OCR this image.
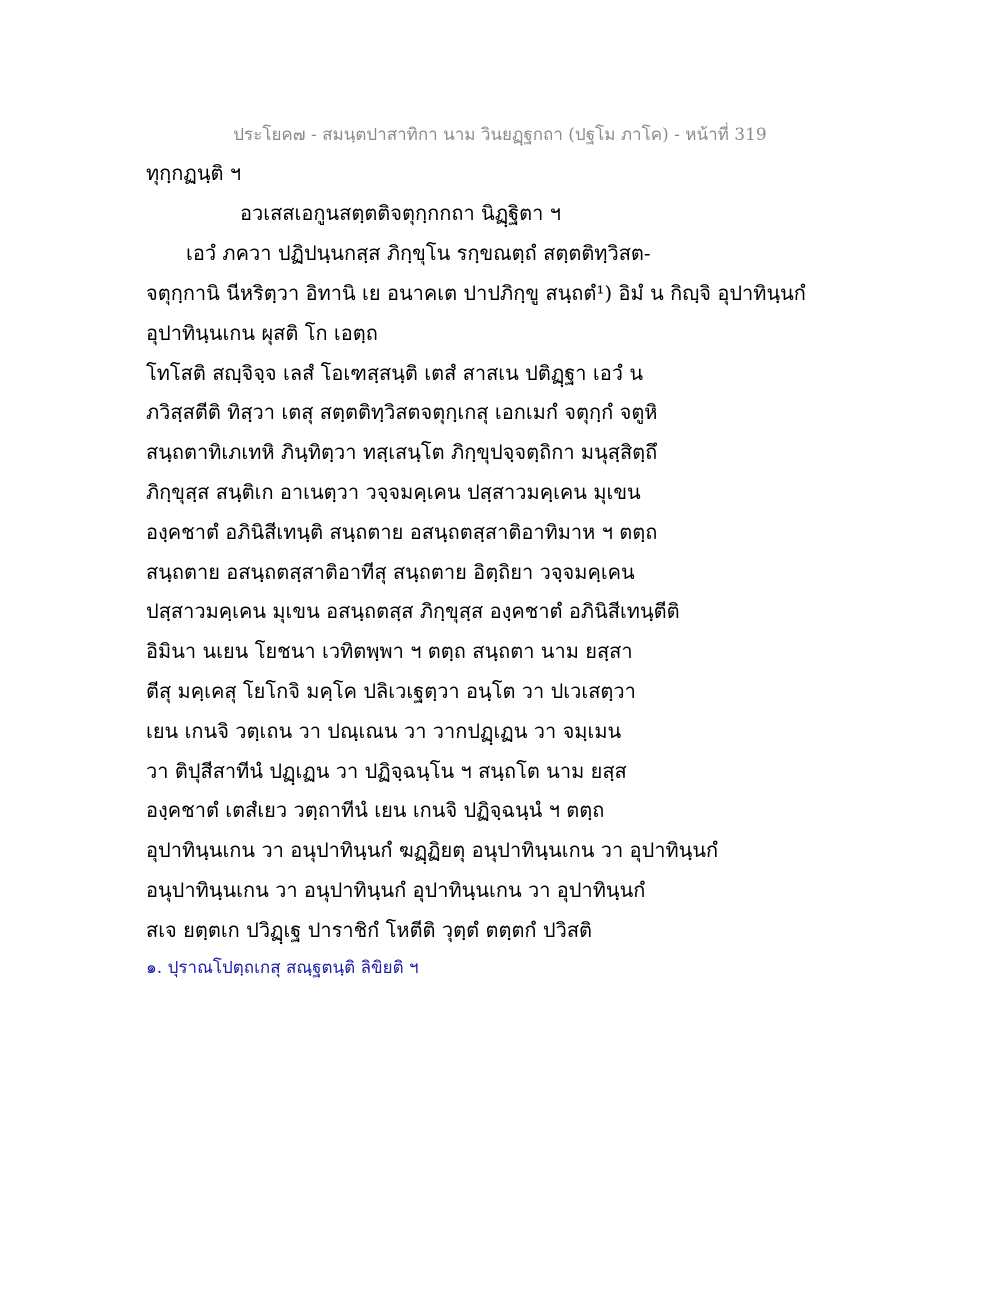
ประโยค๗ - สมนฺตปาสาทิกา นาม วินยฏฺฐกถา (ปฐโม ภาโค) - หน้าที่ 319
ทุกฺกฏนฺติ ฯ
อวเสสเอกูนสตฺตติจตุกฺกกถา นิฏฺฐิตา ฯ
เอวํ ภควา ปฏิปนฺนกสฺส ภิกฺขุโน รกฺขณตฺถํ สตฺตติทฺวิสต-
จตุกฺกานิ นีหริตฺวา อิทานิ เย อนาคเต ปาปภิกฺขู สนฺถตํ¹) อิมํ น กิญฺจิ อุปาทินฺนกํ
อุปาทินฺนเกน ผุสติ โก เอตฺถ
โทโสติ สญฺจิจฺจ เลสํ โอเฑสฺสนฺติ เตสํ สาสเน ปติฏฺฐา เอวํ น
ภวิสฺสตีติ ทิสฺวา เตสุ สตฺตติทฺวิสตจตุกฺเกสุ เอกเมกํ จตุกฺกํ จตูหิ
สนฺถตาทิเภเทหิ ภินฺทิตฺวา ทสฺเสนฺโต ภิกฺขุปจฺจตฺถิกา มนุสฺสิตฺถึ
ภิกฺขุสฺส สนฺติเก อาเนตฺวา วจฺจมคฺเคน ปสฺสาวมคฺเคน มุเขน
องฺคชาตํ อภินิสีเทนฺติ สนฺถตาย อสนฺถตสฺสาติอาทิมาห ฯ ตตฺถ
สนฺถตาย อสนฺถตสฺสาติอาทีสุ สนฺถตาย อิตฺถิยา วจฺจมคฺเคน
ปสฺสาวมคฺเคน มุเขน อสนฺถตสฺส ภิกฺขุสฺส องฺคชาตํ อภินิสีเทนฺตีติ
อิมินา นเยน โยชนา เวทิตพฺพา ฯ ตตฺถ สนฺถตา นาม ยสฺสา
ตีสุ มคฺเคสุ โยโกจิ มคฺโค ปลิเวเฐตฺวา อนฺโต วา ปเวเสตฺวา
เยน เกนจิ วตฺเถน วา ปณฺเณน วา วากปฏฺเฏน วา จมฺเมน
วา ติปุสีสาทีนํ ปฏฺเฏน วา ปฏิจฺฉนฺโน ฯ สนฺถโต นาม ยสฺส
องฺคชาตํ เตสํเยว วตฺถาทีนํ เยน เกนจิ ปฏิจฺฉนฺนํ ฯ ตตฺถ
อุปาทินฺนเกน วา อนุปาทินฺนกํ ฆฏฺฏิยตุ อนุปาทินฺนเกน วา อุปาทินฺนกํ
อนุปาทินฺนเกน วา อนุปาทินฺนกํ อุปาทินฺนเกน วา อุปาทินฺนกํ
สเจ ยตฺตเก ปวิฏฺเฐ ปาราชิกํ โหตีติ วุตฺตํ ตตฺตกํ ปวิสติ
๑. ปุราณโปตฺถเกสุ สณฺฐตนฺติ ลิขิยติ ฯ
